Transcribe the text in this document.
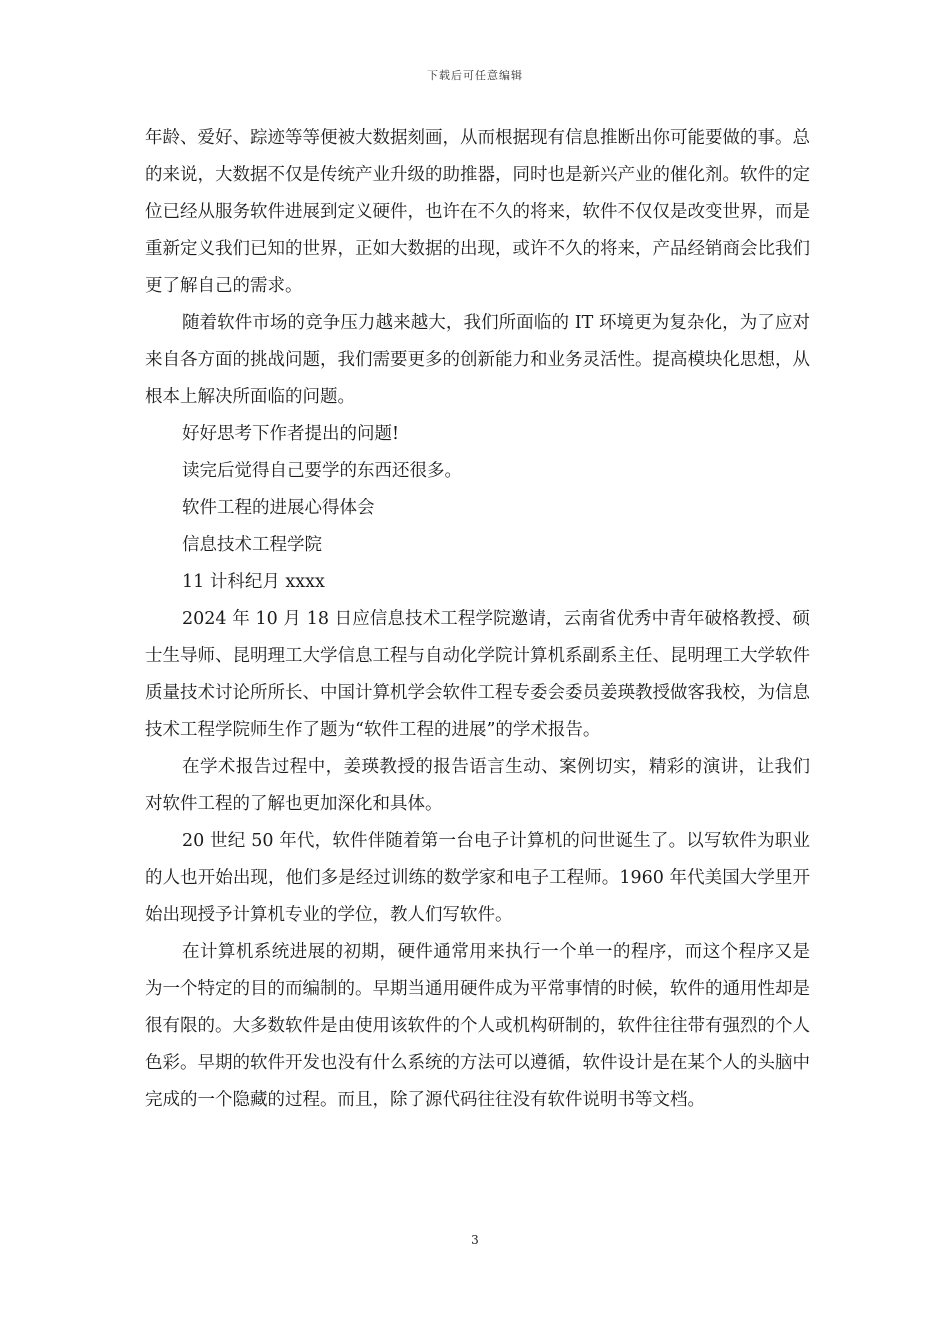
下载后可任意编辑

年龄、爱好、踪迹等等便被大数据刻画，从而根据现有信息推断出你可能要做的事。总的来说，大数据不仅是传统产业升级的助推器，同时也是新兴产业的催化剂。软件的定位已经从服务软件进展到定义硬件，也许在不久的将来，软件不仅仅是改变世界，而是重新定义我们已知的世界，正如大数据的出现，或许不久的将来，产品经销商会比我们更了解自己的需求。

随着软件市场的竞争压力越来越大，我们所面临的 IT 环境更为复杂化，为了应对来自各方面的挑战问题，我们需要更多的创新能力和业务灵活性。提高模块化思想，从根本上解决所面临的问题。

好好思考下作者提出的问题!

读完后觉得自己要学的东西还很多。

软件工程的进展心得体会

信息技术工程学院

11 计科纪月 xxxx

2024 年 10 月 18 日应信息技术工程学院邀请，云南省优秀中青年破格教授、硕士生导师、昆明理工大学信息工程与自动化学院计算机系副系主任、昆明理工大学软件质量技术讨论所所长、中国计算机学会软件工程专委会委员姜瑛教授做客我校，为信息技术工程学院师生作了题为“软件工程的进展”的学术报告。

在学术报告过程中，姜瑛教授的报告语言生动、案例切实，精彩的演讲，让我们对软件工程的了解也更加深化和具体。

20 世纪 50 年代，软件伴随着第一台电子计算机的问世诞生了。以写软件为职业的人也开始出现，他们多是经过训练的数学家和电子工程师。1960 年代美国大学里开始出现授予计算机专业的学位，教人们写软件。

在计算机系统进展的初期，硬件通常用来执行一个单一的程序，而这个程序又是为一个特定的目的而编制的。早期当通用硬件成为平常事情的时候，软件的通用性却是很有限的。大多数软件是由使用该软件的个人或机构研制的，软件往往带有强烈的个人色彩。早期的软件开发也没有什么系统的方法可以遵循，软件设计是在某个人的头脑中完成的一个隐藏的过程。而且，除了源代码往往没有软件说明书等文档。

3
